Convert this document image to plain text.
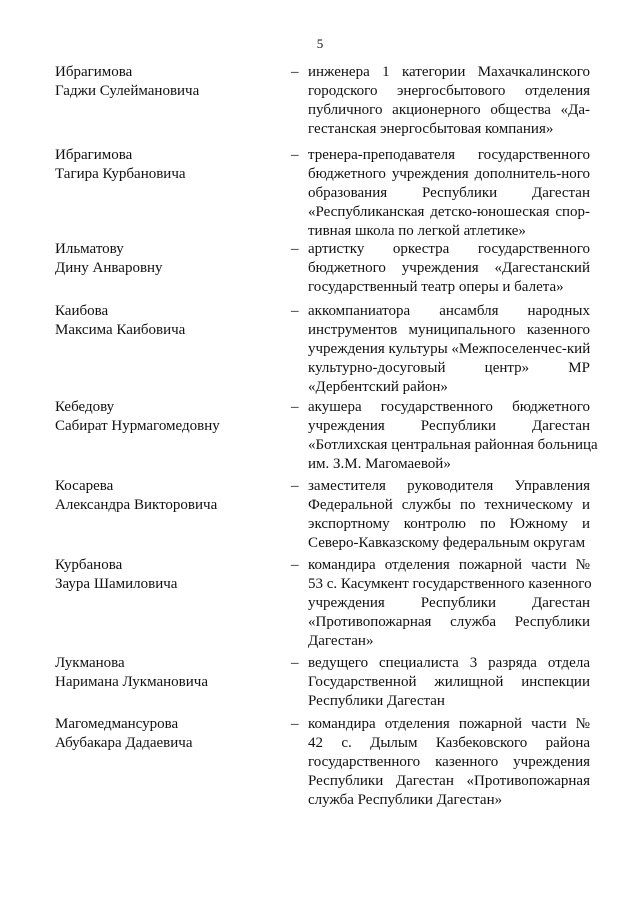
5
Ибрагимова
Гаджи Сулеймановича
– инженера 1 категории Махачкалинского
городского энергосбытового отделения
публичного акционерного общества «Да-
гестанская энергосбытовая компания»
Ибрагимова
Тагира Курбановича
– тренера-преподавателя государственного
бюджетного учреждения дополнитель-ного
образования Республики Дагестан
«Республиканская детско-юношеская спор-
тивная школа по легкой атлетике»
Ильматову
Дину Анваровну
– артистку оркестра государственного
бюджетного учреждения «Дагестанский
государственный театр оперы и балета»
Каибова
Максима Каибовича
– аккомпаниатора ансамбля народных
инструментов муниципального казенного
учреждения культуры «Межпоселенчес-кий
культурно-досуговый центр» МР
«Дербентский район»
Кебедову
Сабират Нурмагомедовну
– акушера государственного бюджетного
учреждения Республики Дагестан
«Ботлихская центральная районная больница
им. З.М. Магомаевой»
Косарева
Александра Викторовича
– заместителя руководителя Управления
Федеральной службы по техническому и
экспортному контролю по Южному и
Северо-Кавказскому федеральным округам
Курбанова
Заура Шамиловича
– командира отделения пожарной части №
53 с. Касумкент государственного казенного
учреждения Республики Дагестан
«Противопожарная служба Республики
Дагестан»
Лукманова
Наримана Лукмановича
– ведущего специалиста 3 разряда отдела
Государственной жилищной инспекции
Республики Дагестан
Магомедмансурова
Абубакара Дадаевича
– командира отделения пожарной части №
42 с. Дылым Казбековского района
государственного казенного учреждения
Республики Дагестан «Противопожарная
служба Республики Дагестан»
